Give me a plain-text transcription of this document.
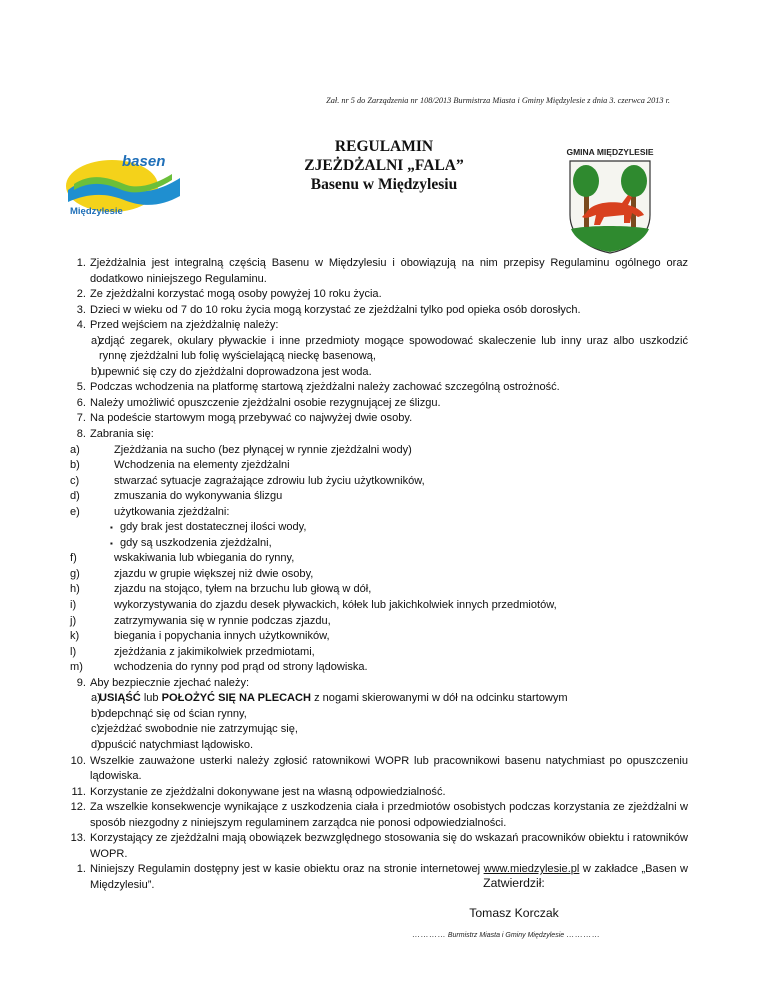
Zał. nr 5 do Zarządzenia nr 108/2013 Burmistrza Miasta i Gminy Międzylesie z dnia 3. czerwca 2013 r.
basen
Międzylesie
REGULAMIN
ZJEŻDŻALNI „FALA”
Basenu w Międzylesiu
GMINA MIĘDZYLESIE
1. Zjeżdżalnia jest integralną częścią Basenu w Międzylesiu i obowiązują na nim przepisy Regulaminu ogólnego oraz dodatkowo niniejszego Regulaminu.
2. Ze zjeżdżalni korzystać mogą osoby powyżej 10 roku życia.
3. Dzieci w wieku od 7 do 10 roku życia mogą korzystać ze zjeżdżalni tylko pod opieka osób dorosłych.
4. Przed wejściem na zjeżdżalnię należy:
a)
zdjąć zegarek, okulary pływackie i inne przedmioty mogące spowodować skaleczenie lub inny uraz albo uszkodzić rynnę zjeżdżalni lub folię wyścielającą nieckę basenową,
b)
upewnić się czy do zjeżdżalni doprowadzona jest woda.
5. Podczas wchodzenia na platformę startową zjeżdżalni należy zachować szczególną ostrożność.
6. Należy umożliwić opuszczenie zjeżdżalni osobie rezygnującej ze ślizgu.
7. Na podeście startowym mogą przebywać co najwyżej dwie osoby.
8. Zabrania się:
a)	Zjeżdżania na sucho (bez płynącej w rynnie zjeżdżalni wody)
b)	Wchodzenia na elementy zjeżdżalni
c)	stwarzać sytuacje zagrażające zdrowiu lub życiu użytkowników,
d)	zmuszania do wykonywania ślizgu
e)	użytkowania zjeżdżalni:
▪ gdy brak jest dostatecznej ilości wody,
▪ gdy są uszkodzenia zjeżdżalni,
f)	wskakiwania lub wbiegania do rynny,
g)	zjazdu w grupie większej niż dwie osoby,
h)	zjazdu na stojąco, tyłem na brzuchu lub głową w dół,
i)	wykorzystywania do zjazdu desek pływackich, kółek lub jakichkolwiek innych przedmiotów,
j)	zatrzymywania się w rynnie podczas zjazdu,
k)	biegania i popychania innych użytkowników,
l)	zjeżdżania z jakimikolwiek przedmiotami,
m)	wchodzenia do rynny pod prąd od strony lądowiska.
9. Aby bezpiecznie zjechać należy:
a)
USIĄŚĆ lub POŁOŻYĆ SIĘ NA PLECACH z nogami skierowanymi w dół na odcinku startowym
b)
odepchnąć się od ścian rynny,
c)
zjeżdżać swobodnie nie zatrzymując się,
d)
opuścić natychmiast lądowisko.
10. Wszelkie zauważone usterki należy zgłosić ratownikowi WOPR lub pracownikowi basenu natychmiast po opuszczeniu lądowiska.
11. Korzystanie ze zjeżdżalni dokonywane jest na własną odpowiedzialność.
12. Za wszelkie konsekwencje wynikające z uszkodzenia ciała i przedmiotów osobistych podczas korzystania ze zjeżdżalni w sposób niezgodny z niniejszym regulaminem zarządca nie ponosi odpowiedzialności.
13. Korzystający ze zjeżdżalni mają obowiązek bezwzględnego stosowania się do wskazań pracowników obiektu i ratowników WOPR.
1. Niniejszy Regulamin dostępny jest w kasie obiektu oraz na stronie internetowej www.miedzylesie.pl w zakładce „Basen w Międzylesiu”.	Zatwierdził:
Tomasz Korczak
………… Burmistrz Miasta i Gminy Międzylesie …………
